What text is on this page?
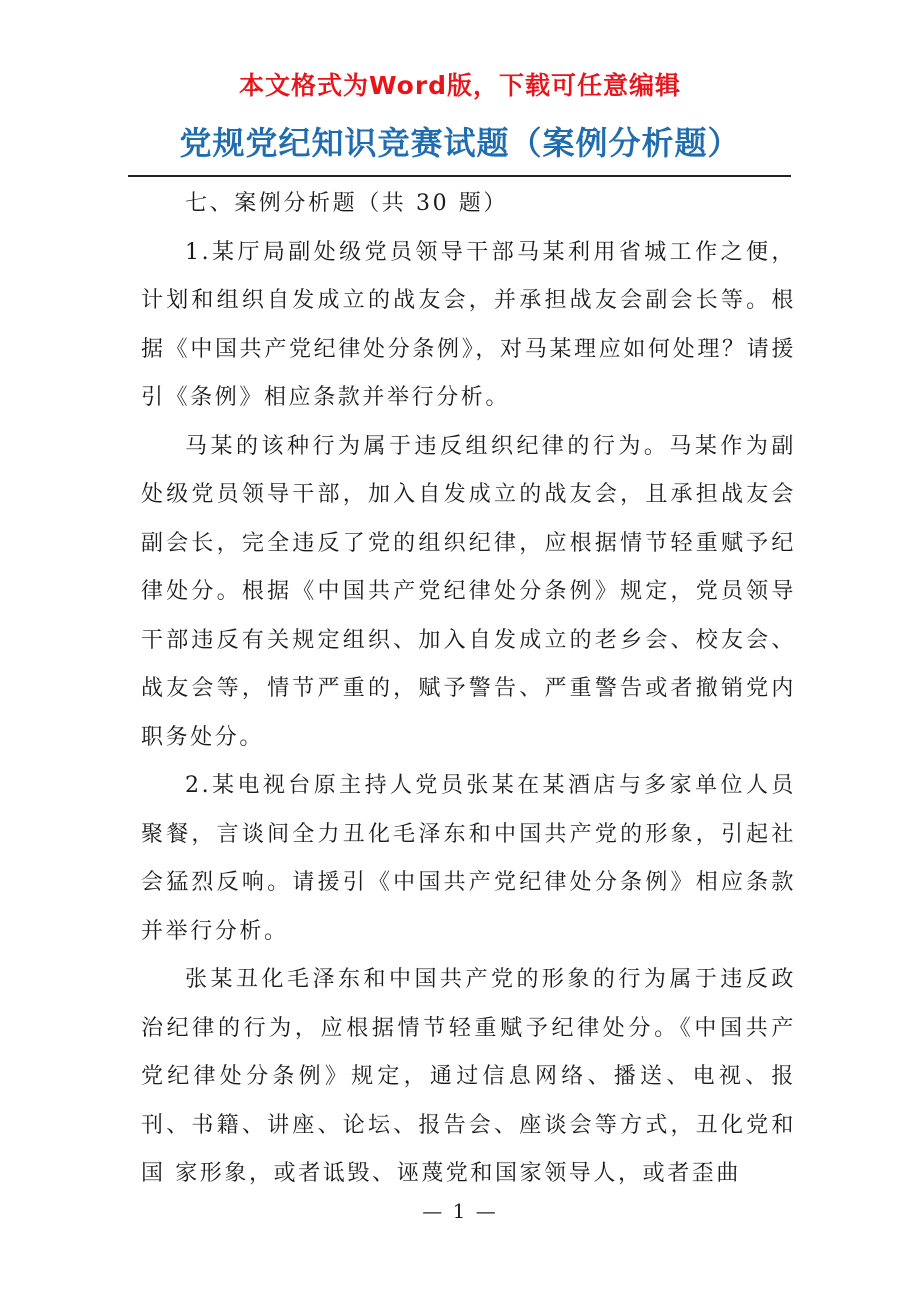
本文格式为Word版，下载可任意编辑
党规党纪知识竞赛试题（案例分析题）

七、案例分析题（共 30 题）

1.某厅局副处级党员领导干部马某利用省城工作之便，计划和组织自发成立的战友会，并承担战友会副会长等。根据《中国共产党纪律处分条例》，对马某理应如何处理？请援引《条例》相应条款并举行分析。

马某的该种行为属于违反组织纪律的行为。马某作为副处级党员领导干部，加入自发成立的战友会，且承担战友会副会长，完全违反了党的组织纪律，应根据情节轻重赋予纪律处分。根据《中国共产党纪律处分条例》规定，党员领导干部违反有关规定组织、加入自发成立的老乡会、校友会、战友会等，情节严重的，赋予警告、严重警告或者撤销党内职务处分。

2.某电视台原主持人党员张某在某酒店与多家单位人员聚餐，言谈间全力丑化毛泽东和中国共产党的形象，引起社会猛烈反响。请援引《中国共产党纪律处分条例》相应条款并举行分析。

张某丑化毛泽东和中国共产党的形象的行为属于违反政治纪律的行为，应根据情节轻重赋予纪律处分。《中国共产 党纪律处分条例》规定，通过信息网络、播送、电视、报刊、书籍、讲座、论坛、报告会、座谈会等方式，丑化党和国 家形象，或者诋毁、诬蔑党和国家领导人，或者歪曲

— 1 —
